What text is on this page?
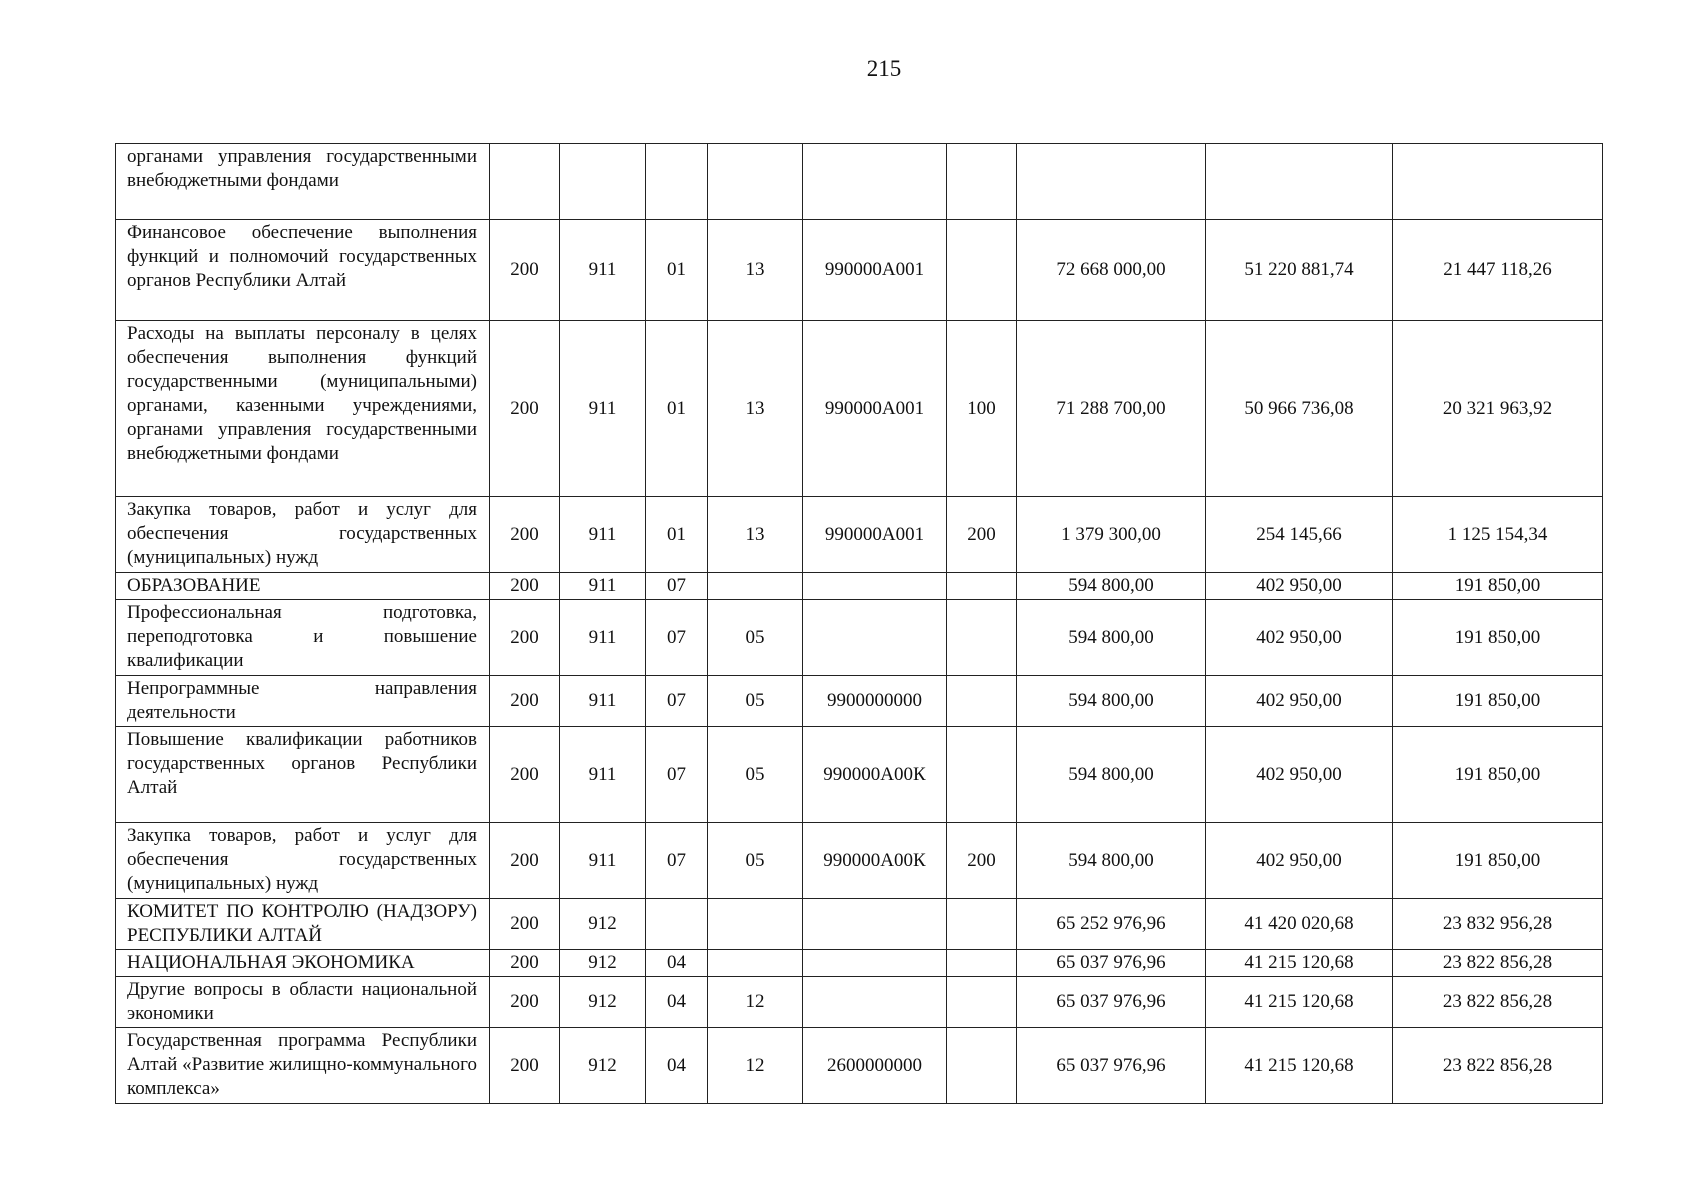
215
органами управления государственными внебюджетными фондами									
Финансовое обеспечение выполнения функций и полномочий государственных органов Республики Алтай	200	911	01	13	990000А001		72 668 000,00	51 220 881,74	21 447 118,26
Расходы на выплаты персоналу в целях обеспечения выполнения функций государственными (муниципальными) органами, казенными учреждениями, органами управления государственными внебюджетными фондами	200	911	01	13	990000А001	100	71 288 700,00	50 966 736,08	20 321 963,92
Закупка товаров, работ и услуг для обеспечения государственных (муниципальных) нужд	200	911	01	13	990000А001	200	1 379 300,00	254 145,66	1 125 154,34
ОБРАЗОВАНИЕ	200	911	07				594 800,00	402 950,00	191 850,00
Профессиональная подготовка, переподготовка и повышение квалификации	200	911	07	05			594 800,00	402 950,00	191 850,00
Непрограммные направления деятельности	200	911	07	05	9900000000		594 800,00	402 950,00	191 850,00
Повышение квалификации работников государственных органов Республики Алтай	200	911	07	05	990000А00К		594 800,00	402 950,00	191 850,00
Закупка товаров, работ и услуг для обеспечения государственных (муниципальных) нужд	200	911	07	05	990000А00К	200	594 800,00	402 950,00	191 850,00
КОМИТЕТ ПО КОНТРОЛЮ (НАДЗОРУ) РЕСПУБЛИКИ АЛТАЙ	200	912					65 252 976,96	41 420 020,68	23 832 956,28
НАЦИОНАЛЬНАЯ ЭКОНОМИКА	200	912	04				65 037 976,96	41 215 120,68	23 822 856,28
Другие вопросы в области национальной экономики	200	912	04	12			65 037 976,96	41 215 120,68	23 822 856,28
Государственная программа Республики Алтай «Развитие жилищно-коммунального комплекса»	200	912	04	12	2600000000		65 037 976,96	41 215 120,68	23 822 856,28
